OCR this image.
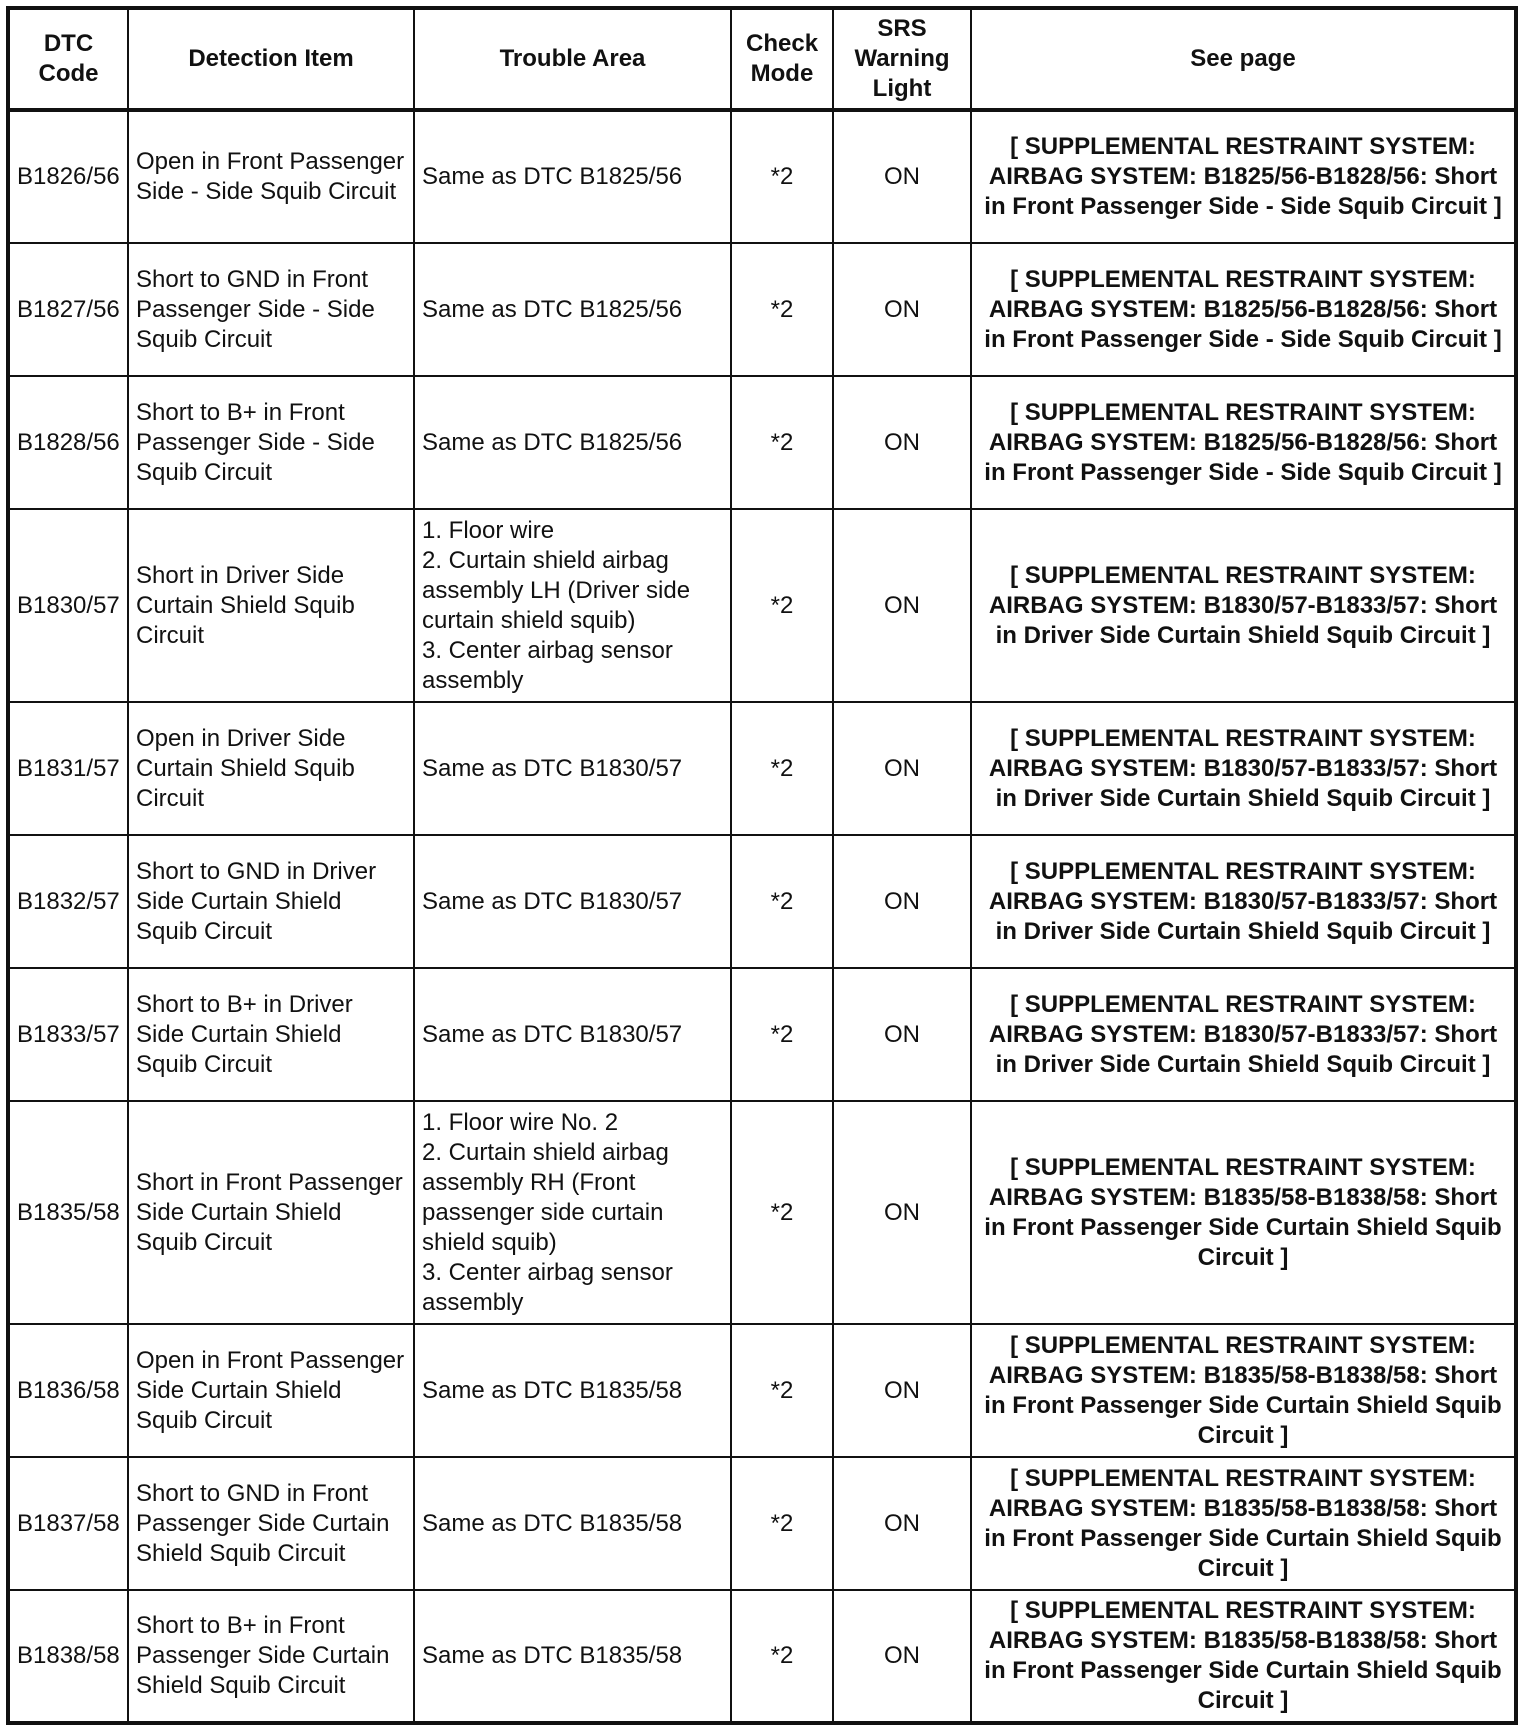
DTC Code	Detection Item	Trouble Area	Check Mode	SRS Warning Light	See page
B1826/56	Open in Front Passenger Side - Side Squib Circuit	Same as DTC B1825/56	*2	ON	[ SUPPLEMENTAL RESTRAINT SYSTEM: AIRBAG SYSTEM: B1825/56-B1828/56: Short in Front Passenger Side - Side Squib Circuit ]
B1827/56	Short to GND in Front Passenger Side - Side Squib Circuit	Same as DTC B1825/56	*2	ON	[ SUPPLEMENTAL RESTRAINT SYSTEM: AIRBAG SYSTEM: B1825/56-B1828/56: Short in Front Passenger Side - Side Squib Circuit ]
B1828/56	Short to B+ in Front Passenger Side - Side Squib Circuit	Same as DTC B1825/56	*2	ON	[ SUPPLEMENTAL RESTRAINT SYSTEM: AIRBAG SYSTEM: B1825/56-B1828/56: Short in Front Passenger Side - Side Squib Circuit ]
B1830/57	Short in Driver Side Curtain Shield Squib Circuit	1. Floor wire
2. Curtain shield airbag assembly LH (Driver side curtain shield squib)
3. Center airbag sensor assembly	*2	ON	[ SUPPLEMENTAL RESTRAINT SYSTEM: AIRBAG SYSTEM: B1830/57-B1833/57: Short in Driver Side Curtain Shield Squib Circuit ]
B1831/57	Open in Driver Side Curtain Shield Squib Circuit	Same as DTC B1830/57	*2	ON	[ SUPPLEMENTAL RESTRAINT SYSTEM: AIRBAG SYSTEM: B1830/57-B1833/57: Short in Driver Side Curtain Shield Squib Circuit ]
B1832/57	Short to GND in Driver Side Curtain Shield Squib Circuit	Same as DTC B1830/57	*2	ON	[ SUPPLEMENTAL RESTRAINT SYSTEM: AIRBAG SYSTEM: B1830/57-B1833/57: Short in Driver Side Curtain Shield Squib Circuit ]
B1833/57	Short to B+ in Driver Side Curtain Shield Squib Circuit	Same as DTC B1830/57	*2	ON	[ SUPPLEMENTAL RESTRAINT SYSTEM: AIRBAG SYSTEM: B1830/57-B1833/57: Short in Driver Side Curtain Shield Squib Circuit ]
B1835/58	Short in Front Passenger Side Curtain Shield Squib Circuit	1. Floor wire No. 2
2. Curtain shield airbag assembly RH (Front passenger side curtain shield squib)
3. Center airbag sensor assembly	*2	ON	[ SUPPLEMENTAL RESTRAINT SYSTEM: AIRBAG SYSTEM: B1835/58-B1838/58: Short in Front Passenger Side Curtain Shield Squib Circuit ]
B1836/58	Open in Front Passenger Side Curtain Shield Squib Circuit	Same as DTC B1835/58	*2	ON	[ SUPPLEMENTAL RESTRAINT SYSTEM: AIRBAG SYSTEM: B1835/58-B1838/58: Short in Front Passenger Side Curtain Shield Squib Circuit ]
B1837/58	Short to GND in Front Passenger Side Curtain Shield Squib Circuit	Same as DTC B1835/58	*2	ON	[ SUPPLEMENTAL RESTRAINT SYSTEM: AIRBAG SYSTEM: B1835/58-B1838/58: Short in Front Passenger Side Curtain Shield Squib Circuit ]
B1838/58	Short to B+ in Front Passenger Side Curtain Shield Squib Circuit	Same as DTC B1835/58	*2	ON	[ SUPPLEMENTAL RESTRAINT SYSTEM: AIRBAG SYSTEM: B1835/58-B1838/58: Short in Front Passenger Side Curtain Shield Squib Circuit ]
